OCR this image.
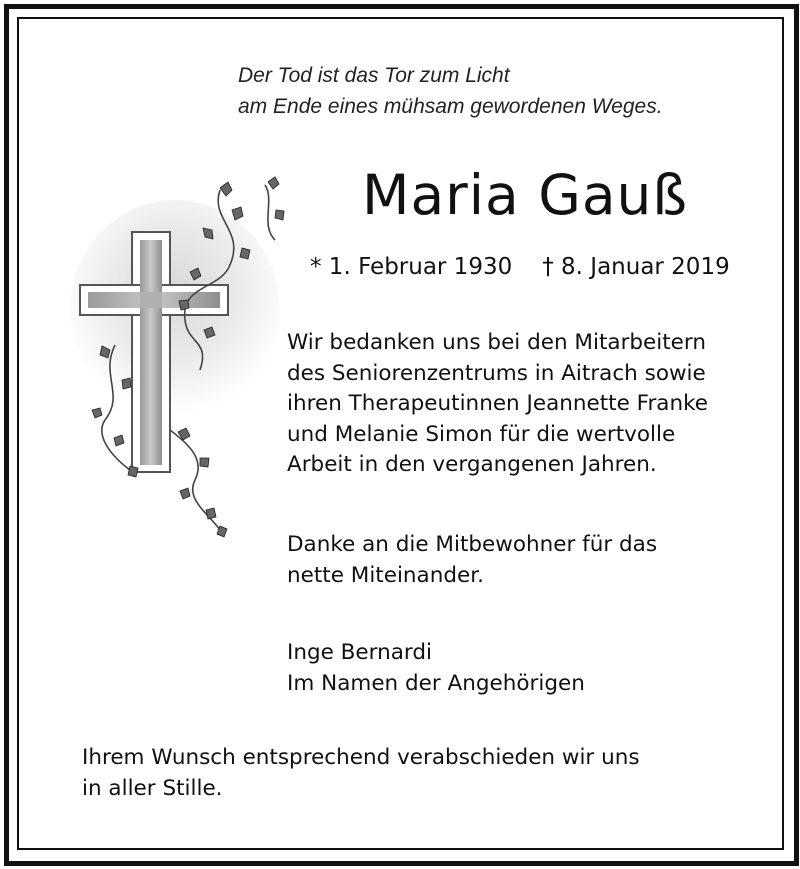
Der Tod ist das Tor zum Licht
am Ende eines mühsam gewordenen Weges.
Maria Gauß
* 1. Februar 1930 † 8. Januar 2019
Wir bedanken uns bei den Mitarbeitern
des Seniorenzentrums in Aitrach sowie
ihren Therapeutinnen Jeannette Franke
und Melanie Simon für die wertvolle
Arbeit in den vergangenen Jahren.
Danke an die Mitbewohner für das
nette Miteinander.
Inge Bernardi
Im Namen der Angehörigen
Ihrem Wunsch entsprechend verabschieden wir uns
in aller Stille.
